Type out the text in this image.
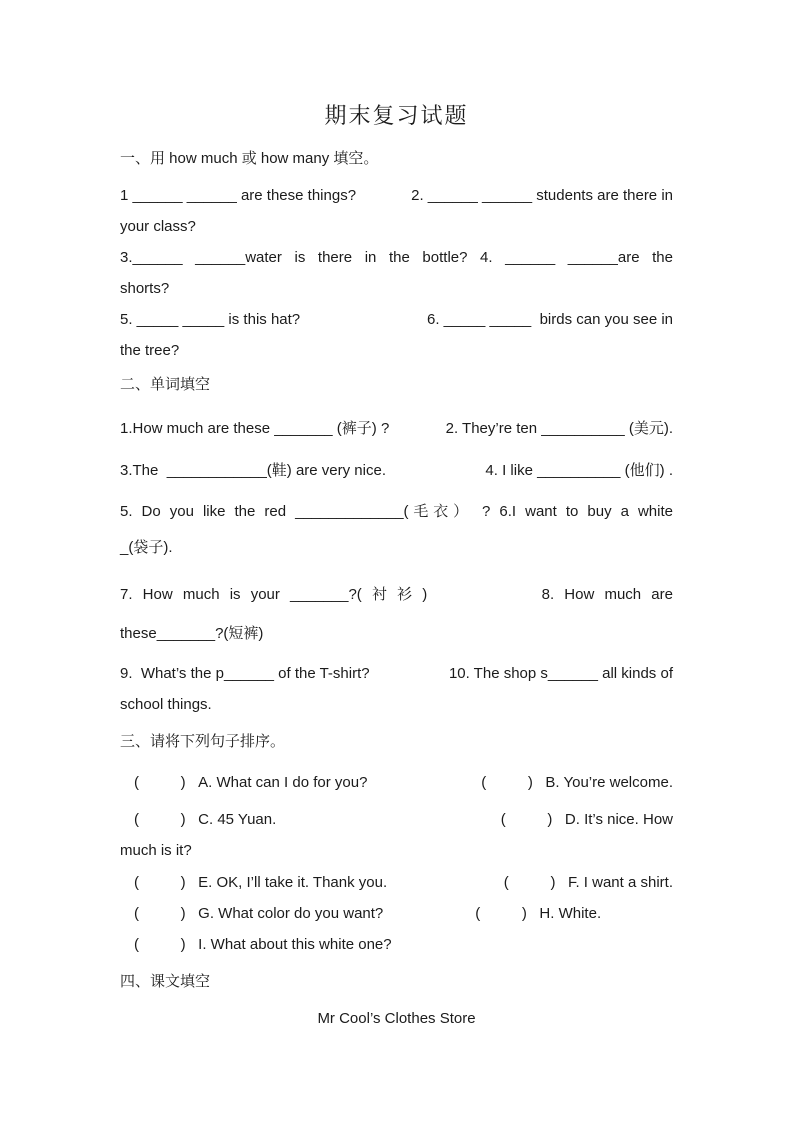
期末复习试题
一、用 how much 或 how many 填空。
1 ______ ______ are these things?	2. ______ ______ students are there in
your class?
3.______ ______water is there in the bottle? 4. ______ ______are the
shorts?
5. _____ _____ is this hat?	6. _____ _____  birds can you see in
the tree?
二、单词填空
1.How much are these _______ (裤子) ?	2. They’re ten __________ (美元).
3.The  ____________(鞋) are very nice.	4. I like __________ (他们) .
5. Do you like the red _____________(毛衣） ? 6.I want to buy a white
_(袋子).
7. How much is your _______?( 衬 衫 )	8. How much are
these_______?(短裤)
9.  What’s the p______ of the T-shirt?	10. The shop s______ all kinds of
school things.
三、请将下列句子排序。
(          )   A. What can I do for you?	(          )   B. You’re welcome.
(          )   C. 45 Yuan.	(          )   D. It’s nice. How
much is it?
(          )   E. OK, I’ll take it. Thank you.	(          )   F. I want a shirt.
(          )   G. What color do you want?	(          )   H. White.
(          )   I. What about this white one?
四、课文填空
Mr Cool’s Clothes Store
